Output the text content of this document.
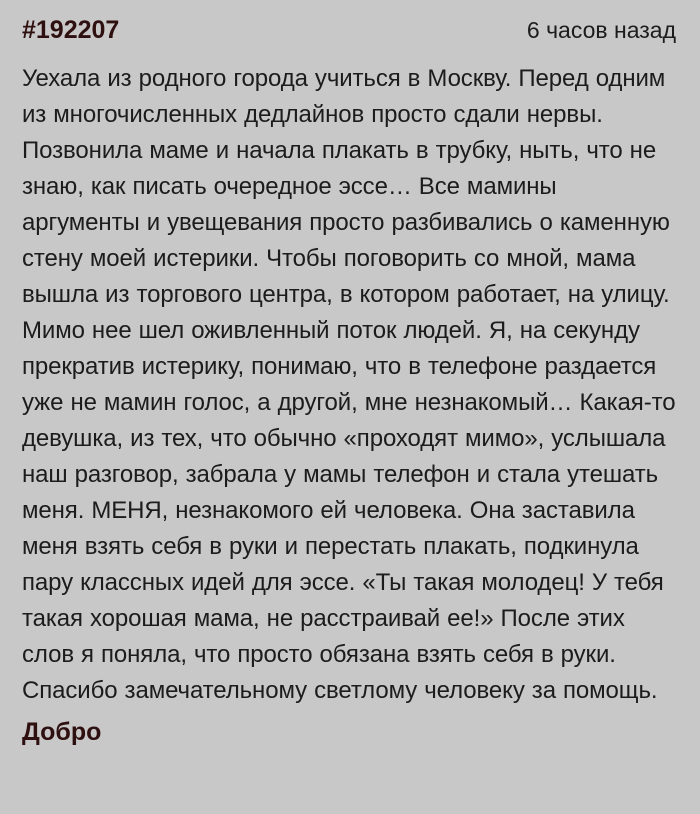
#192207	6 часов назад
Уехала из родного города учиться в Москву. Перед одним из многочисленных дедлайнов просто сдали нервы. Позвонила маме и начала плакать в трубку, ныть, что не знаю, как писать очередное эссе… Все мамины аргументы и увещевания просто разбивались о каменную стену моей истерики. Чтобы поговорить со мной, мама вышла из торгового центра, в котором работает, на улицу. Мимо нее шел оживленный поток людей. Я, на секунду прекратив истерику, понимаю, что в телефоне раздается уже не мамин голос, а другой, мне незнакомый… Какая-то девушка, из тех, что обычно «проходят мимо», услышала наш разговор, забрала у мамы телефон и стала утешать меня. МЕНЯ, незнакомого ей человека. Она заставила меня взять себя в руки и перестать плакать, подкинула пару классных идей для эссе. «Ты такая молодец! У тебя такая хорошая мама, не расстраивай ее!» После этих слов я поняла, что просто обязана взять себя в руки. Спасибо замечательному светлому человеку за помощь.
Добро
